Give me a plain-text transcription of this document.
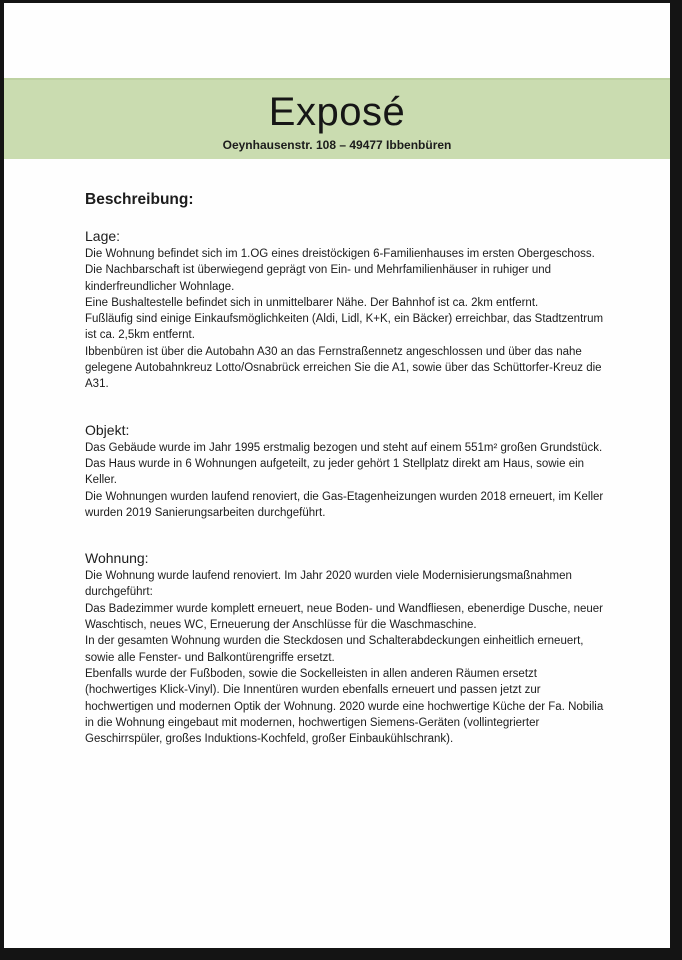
Exposé
Oeynhausenstr. 108 – 49477 Ibbenbüren
Beschreibung:
Lage:

Die Wohnung befindet sich im 1.OG eines dreistöckigen 6-Familienhauses im ersten Obergeschoss.

Die Nachbarschaft ist überwiegend geprägt von Ein- und Mehrfamilienhäuser in ruhiger und kinderfreundlicher Wohnlage.

Eine Bushaltestelle befindet sich in unmittelbarer Nähe. Der Bahnhof ist ca. 2km entfernt.

Fußläufig sind einige Einkaufsmöglichkeiten (Aldi, Lidl, K+K, ein Bäcker) erreichbar, das Stadtzentrum ist ca. 2,5km entfernt.

Ibbenbüren ist über die Autobahn A30 an das Fernstraßennetz angeschlossen und über das nahe gelegene Autobahnkreuz Lotto/Osnabrück erreichen Sie die A1, sowie über das Schüttorfer-Kreuz die A31.

Objekt:

Das Gebäude wurde im Jahr 1995 erstmalig bezogen und steht auf einem 551m² großen Grundstück.

Das Haus wurde in 6 Wohnungen aufgeteilt, zu jeder gehört 1 Stellplatz direkt am Haus, sowie ein Keller.

Die Wohnungen wurden laufend renoviert, die Gas-Etagenheizungen wurden 2018 erneuert, im Keller wurden 2019 Sanierungsarbeiten durchgeführt.

Wohnung:

Die Wohnung wurde laufend renoviert. Im Jahr 2020 wurden viele Modernisierungsmaßnahmen durchgeführt:

Das Badezimmer wurde komplett erneuert, neue Boden- und Wandfliesen, ebenerdige Dusche, neuer Waschtisch, neues WC, Erneuerung der Anschlüsse für die Waschmaschine.

In der gesamten Wohnung wurden die Steckdosen und Schalterabdeckungen einheitlich erneuert, sowie alle Fenster- und Balkontürengriffe ersetzt.

Ebenfalls wurde der Fußboden, sowie die Sockelleisten in allen anderen Räumen ersetzt (hochwertiges Klick-Vinyl). Die Innentüren wurden ebenfalls erneuert und passen jetzt zur hochwertigen und modernen Optik der Wohnung. 2020 wurde eine hochwertige Küche der Fa. Nobilia in die Wohnung eingebaut mit modernen, hochwertigen Siemens-Geräten (vollintegrierter Geschirrspüler, großes Induktions-Kochfeld, großer Einbaukühlschrank).
